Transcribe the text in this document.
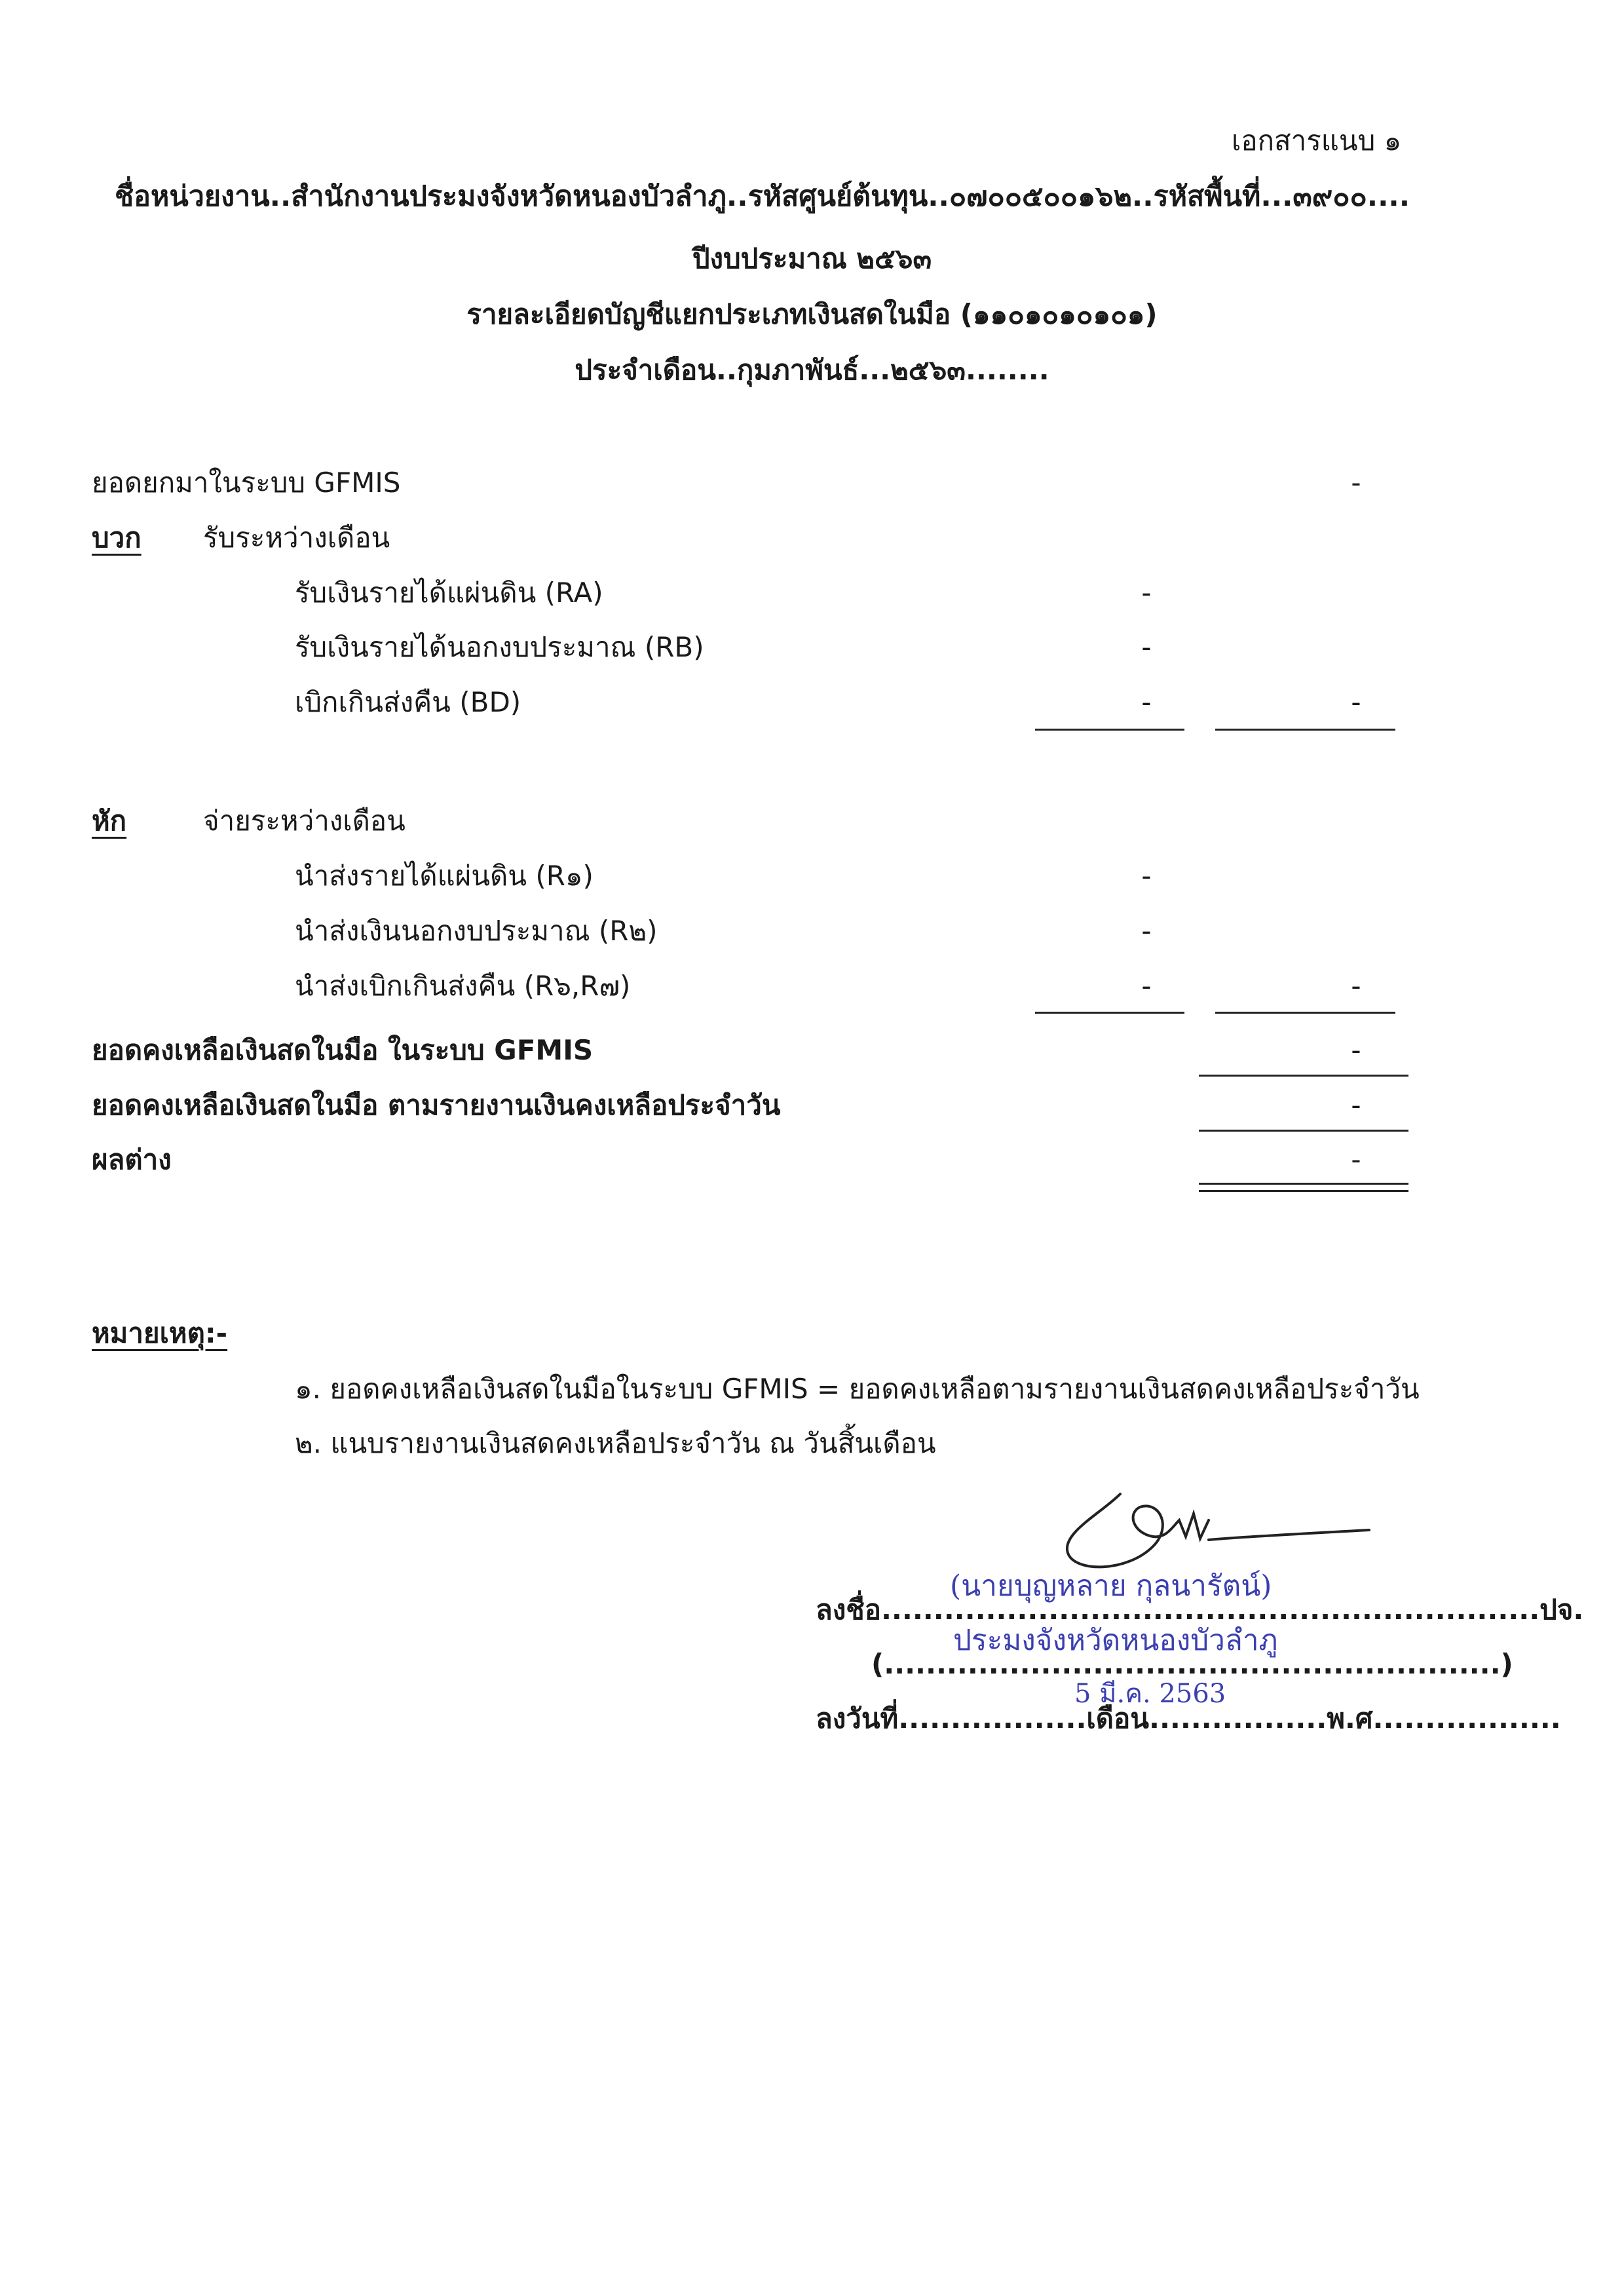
เอกสารแนบ ๑
ชื่อหน่วยงาน..สำนักงานประมงจังหวัดหนองบัวลำภู..รหัสศูนย์ต้นทุน..๐๗๐๐๕๐๐๑๖๒..รหัสพื้นที่...๓๙๐๐....
ปีงบประมาณ ๒๕๖๓
รายละเอียดบัญชีแยกประเภทเงินสดในมือ (๑๑๐๑๐๑๐๑๐๑)
ประจำเดือน..กุมภาพันธ์...๒๕๖๓........
ยอดยกมาในระบบ GFMIS	-
บวก รับระหว่างเดือน
รับเงินรายได้แผ่นดิน (RA)	-
รับเงินรายได้นอกงบประมาณ (RB)	-
เบิกเกินส่งคืน (BD)	-	-
หัก	จ่ายระหว่างเดือน
นำส่งรายได้แผ่นดิน (R๑)	-
นำส่งเงินนอกงบประมาณ (R๒)	-
นำส่งเบิกเกินส่งคืน (R๖,R๗)	-	-
ยอดคงเหลือเงินสดในมือ ในระบบ GFMIS	-
ยอดคงเหลือเงินสดในมือ ตามรายงานเงินคงเหลือประจำวัน	-
ผลต่าง	-
หมายเหตุ:-
๑. ยอดคงเหลือเงินสดในมือในระบบ GFMIS = ยอดคงเหลือตามรายงานเงินสดคงเหลือประจำวัน
๒. แนบรายงานเงินสดคงเหลือประจำวัน ณ วันสิ้นเดือน
(นายบุญหลาย กุลนารัตน์)
ลงชื่อ...............................................................ปจ.
ประมงจังหวัดหนองบัวลำภู
(...........................................................)
5 มี.ค. 2563
ลงวันที่..................เดือน.................พ.ศ..................
